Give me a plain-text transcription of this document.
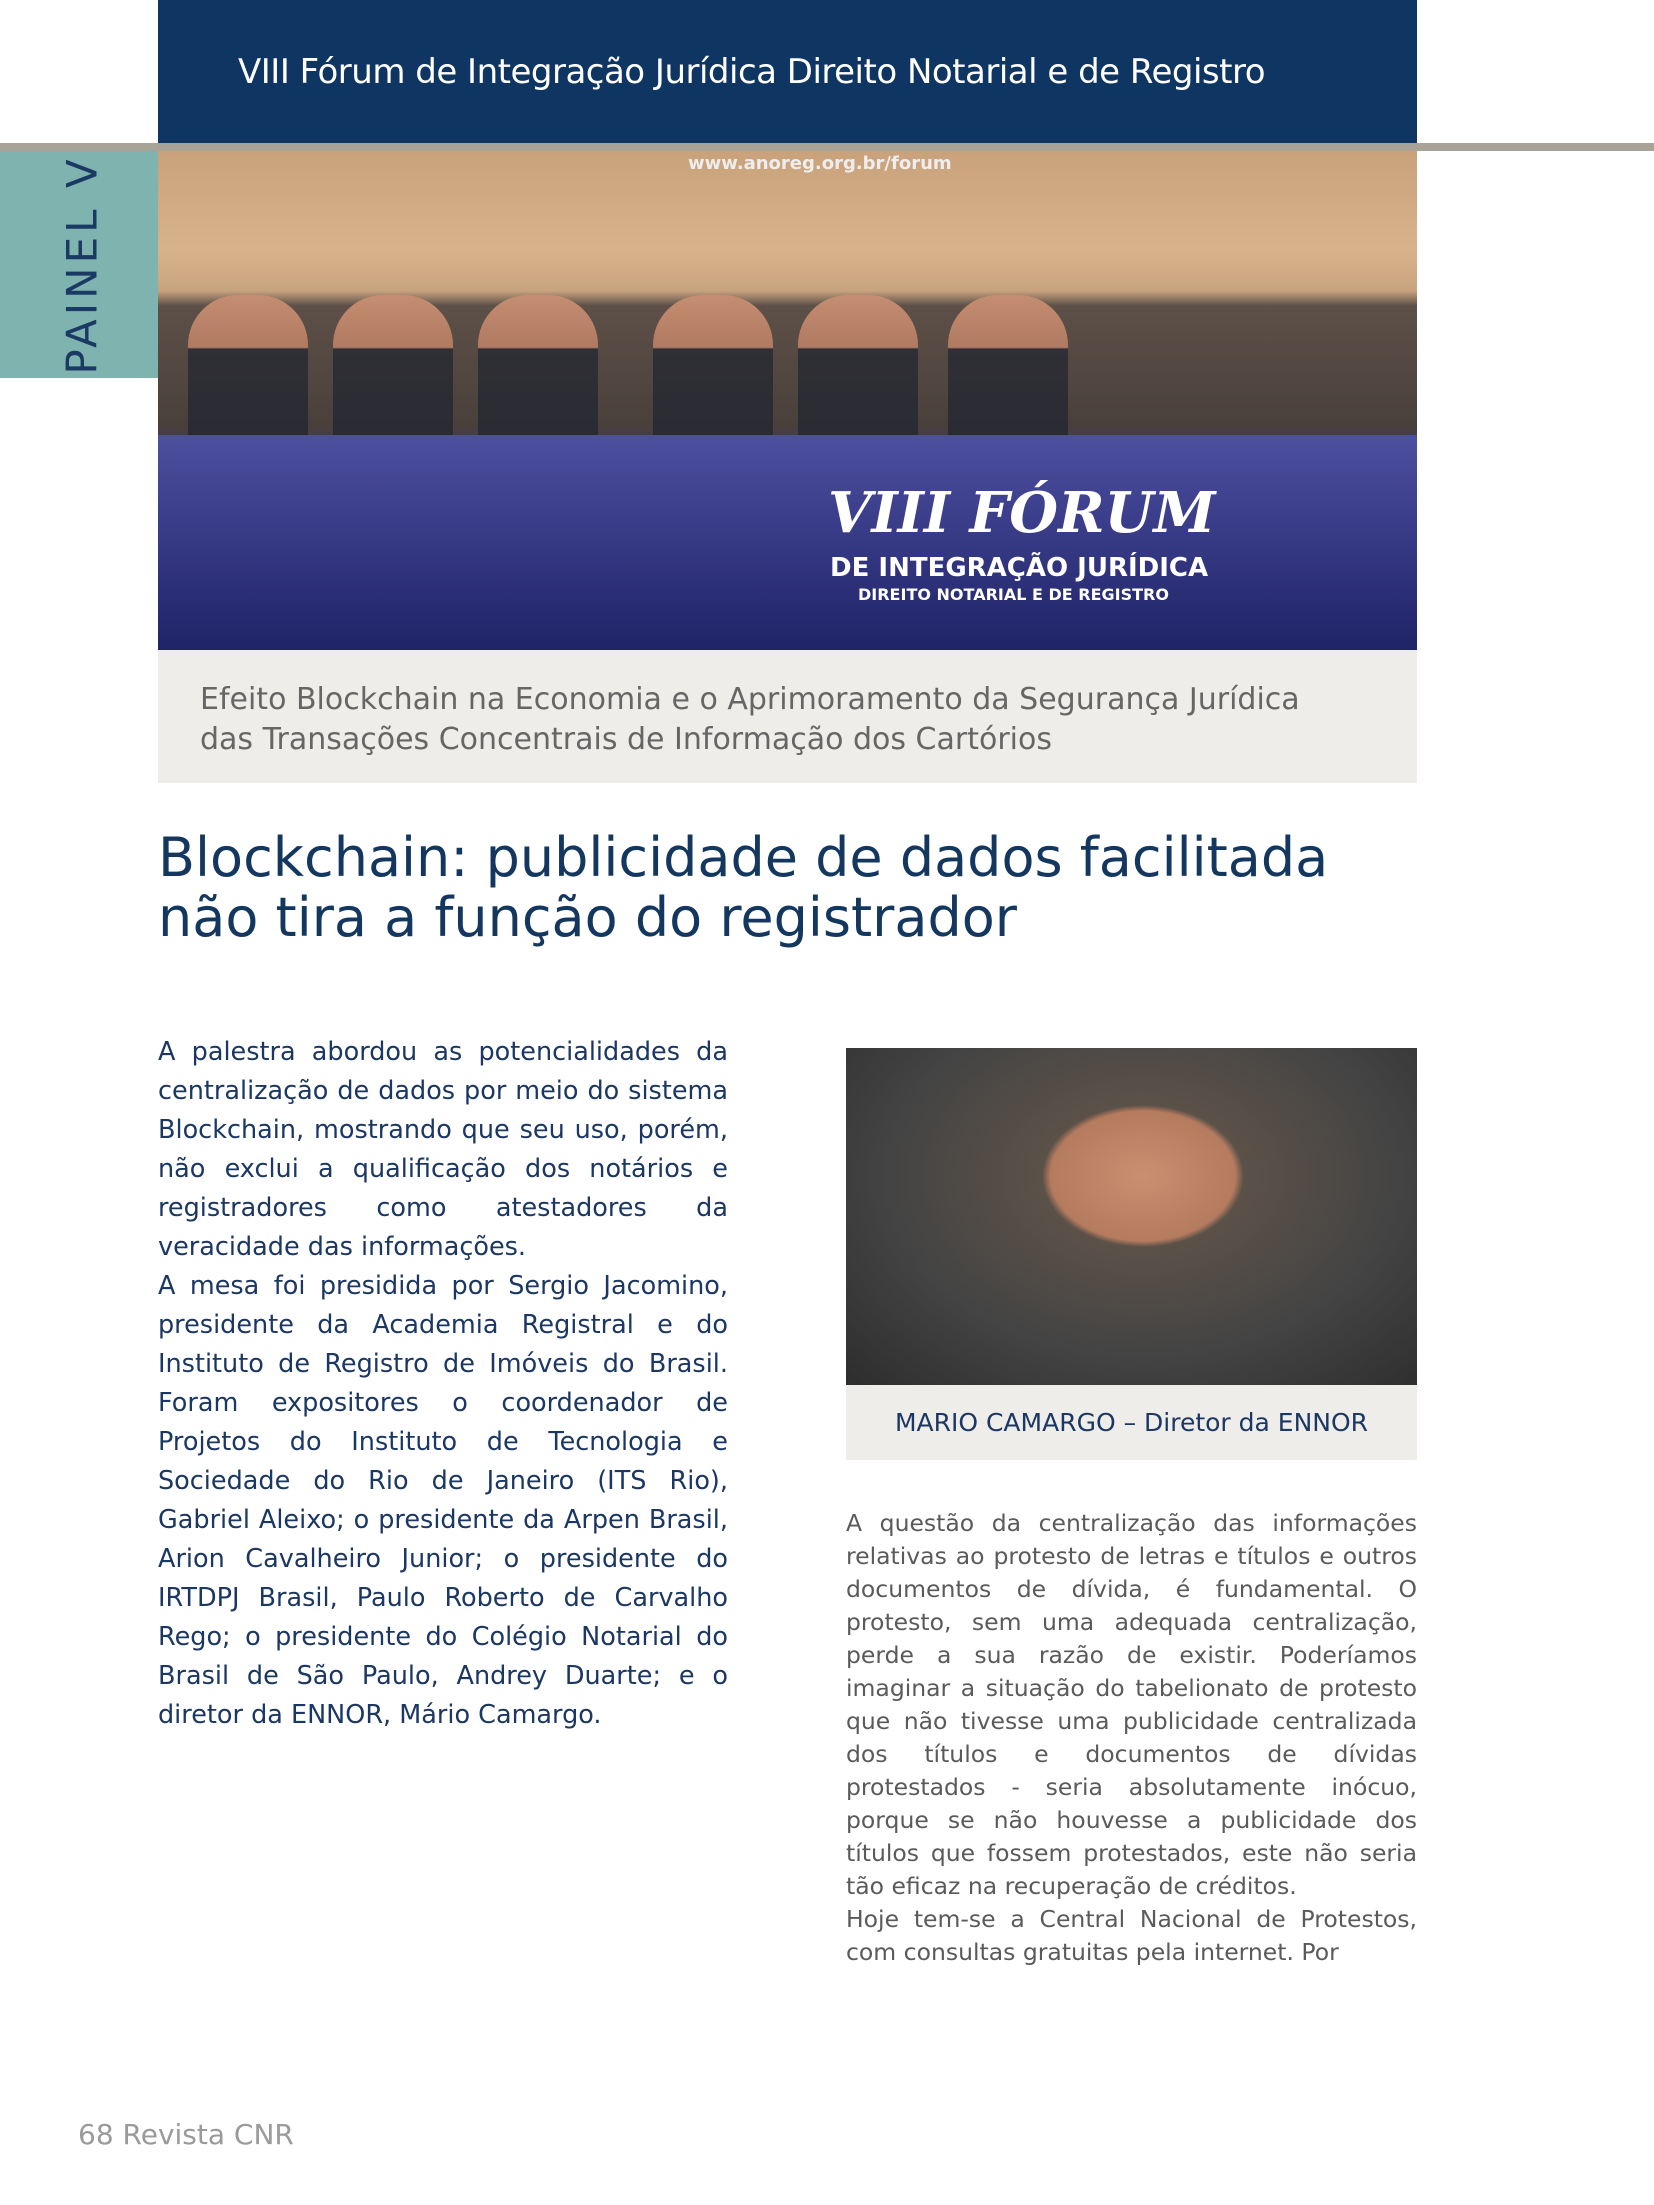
VIII Fórum de Integração Jurídica Direito Notarial e de Registro
www.anoreg.org.br/forum
VIII FÓRUM
DE INTEGRAÇÃO JURÍDICA
DIREITO NOTARIAL E DE REGISTRO
PAINEL V
Efeito Blockchain na Economia e o Aprimoramento da Segurança Jurídica
das Transações Concentrais de Informação dos Cartórios
Blockchain: publicidade de dados facilitada
não tira a função do registrador

A palestra abordou as potencialidades da centralização de dados por meio do sistema Blockchain, mostrando que seu uso, porém, não exclui a qualificação dos notários e registradores como atestadores da veracidade das informações.

A mesa foi presidida por Sergio Jacomino, presidente da Academia Registral e do Instituto de Registro de Imóveis do Brasil. Foram expositores o coordenador de Projetos do Instituto de Tecnologia e Sociedade do Rio de Janeiro (ITS Rio), Gabriel Aleixo; o presidente da Arpen Brasil, Arion Cavalheiro Junior; o presidente do IRTDPJ Brasil, Paulo Roberto de Carvalho Rego; o presidente do Colégio Notarial do Brasil de São Paulo, Andrey Duarte; e o diretor da ENNOR, Mário Camargo.

MARIO CAMARGO – Diretor da ENNOR

A questão da centralização das informações relativas ao protesto de letras e títulos e outros documentos de dívida, é fundamental. O protesto, sem uma adequada centralização, perde a sua razão de existir. Poderíamos imaginar a situação do tabelionato de protesto que não tivesse uma publicidade centralizada dos títulos e documentos de dívidas protestados - seria absolutamente inócuo, porque se não houvesse a publicidade dos títulos que fossem protestados, este não seria tão eficaz na recuperação de créditos.

Hoje tem-se a Central Nacional de Protestos, com consultas gratuitas pela internet. Por

68 Revista CNR
